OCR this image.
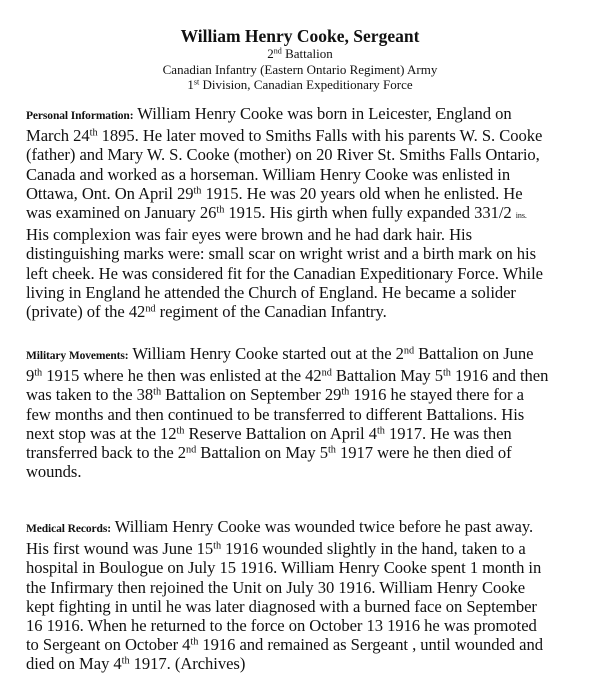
William Henry Cooke, Sergeant

2nd Battalion

Canadian Infantry (Eastern Ontario Regiment) Army

1st Division, Canadian Expeditionary Force

Personal Information: William Henry Cooke was born in Leicester, England on
March 24th 1895. He later moved to Smiths Falls with his parents W. S. Cooke
(father) and Mary W. S. Cooke (mother) on 20 River St. Smiths Falls Ontario,
Canada and worked as a horseman. William Henry Cooke was enlisted in
Ottawa, Ont. On April 29th 1915. He was 20 years old when he enlisted. He
was examined on January 26th 1915. His girth when fully expanded 331/2 ins.
His complexion was fair eyes were brown and he had dark hair. His
distinguishing marks were: small scar on wright wrist and a birth mark on his
left cheek. He was considered fit for the Canadian Expeditionary Force. While
living in England he attended the Church of England. He became a solider
(private) of the 42nd regiment of the Canadian Infantry.
Military Movements: William Henry Cooke started out at the 2nd Battalion on June
9th 1915 where he then was enlisted at the 42nd Battalion May 5th 1916 and then
was taken to the 38th Battalion on September 29th 1916 he stayed there for a
few months and then continued to be transferred to different Battalions. His
next stop was at the 12th Reserve Battalion on April 4th 1917. He was then
transferred back to the 2nd Battalion on May 5th 1917 were he then died of
wounds.
Medical Records: William Henry Cooke was wounded twice before he past away.
His first wound was June 15th 1916 wounded slightly in the hand, taken to a
hospital in Boulogue on July 15 1916. William Henry Cooke spent 1 month in
the Infirmary then rejoined the Unit on July 30 1916. William Henry Cooke
kept fighting in until he was later diagnosed with a burned face on September
16 1916. When he returned to the force on October 13 1916 he was promoted
to Sergeant on October 4th 1916 and remained as Sergeant , until wounded and
died on May 4th 1917. (Archives)
